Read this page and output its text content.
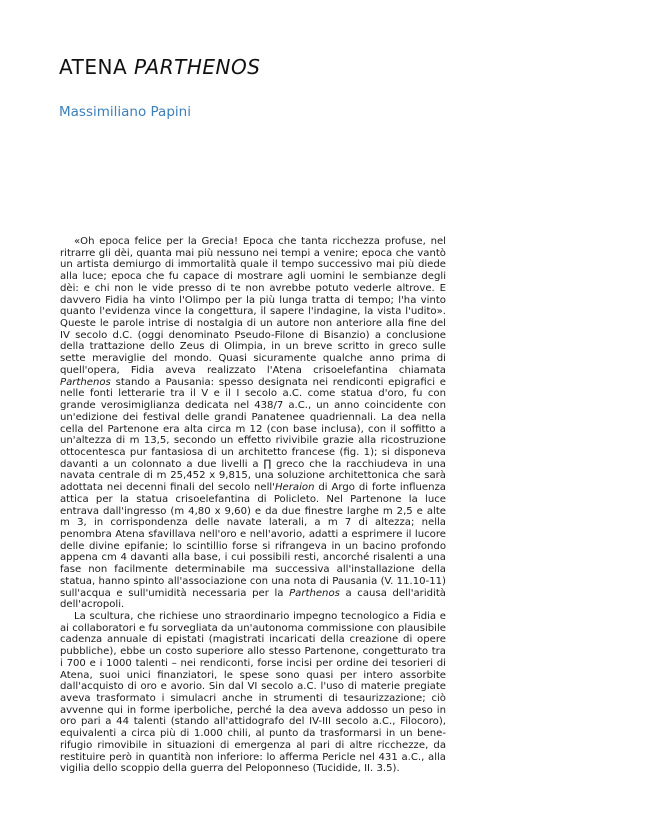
ATENA PARTHENOS
Massimiliano Papini

«Oh epoca felice per la Grecia! Epoca che tanta ricchezza profuse, nel ritrarre gli dèi, quanta mai più nessuno nei tempi a venire; epoca che vantò un artista demiurgo di immortalità quale il tempo successivo mai più diede alla luce; epoca che fu capace di mostrare agli uomini le sembianze degli dèi: e chi non le vide presso di te non avrebbe potuto vederle altrove. E davvero Fidia ha vinto l'Olimpo per la più lunga tratta di tempo; l'ha vinto quanto l'evidenza vince la congettura, il sapere l'indagine, la vista l'udito». Queste le parole intrise di nostalgia di un autore non anteriore alla fine del IV secolo d.C. (oggi denominato Pseudo-Filone di Bisanzio) a conclusione della trattazione dello Zeus di Olimpia, in un breve scritto in greco sulle sette meraviglie del mondo. Quasi sicuramente qualche anno prima di quell'opera, Fidia aveva realizzato l'Atena crisoelefantina chiamata Parthenos stando a Pausania: spesso designata nei rendiconti epigrafici e nelle fonti letterarie tra il V e il I secolo a.C. come statua d'oro, fu con grande verosimiglianza dedicata nel 438/7 a.C., un anno coincidente con un'edizione dei festival delle grandi Panatenee quadriennali. La dea nella cella del Partenone era alta circa m 12 (con base inclusa), con il soffitto a un'altezza di m 13,5, secondo un effetto rivivibile grazie alla ricostruzione ottocentesca pur fantasiosa di un architetto francese (fig. 1); si disponeva davanti a un colonnato a due livelli a ∏ greco che la racchiudeva in una navata centrale di m 25,452 x 9,815, una soluzione architettonica che sarà adottata nei decenni finali del secolo nell'Heraion di Argo di forte influenza attica per la statua crisoelefantina di Policleto. Nel Partenone la luce entrava dall'ingresso (m 4,80 x 9,60) e da due finestre larghe m 2,5 e alte m 3, in corrispondenza delle navate laterali, a m 7 di altezza; nella penombra Atena sfavillava nell'oro e nell'avorio, adatti a esprimere il lucore delle divine epifanie; lo scintillio forse si rifrangeva in un bacino profondo appena cm 4 davanti alla base, i cui possibili resti, ancorché risalenti a una fase non facilmente determinabile ma successiva all'installazione della statua, hanno spinto all'associazione con una nota di Pausania (V. 11.10-11) sull'acqua e sull'umidità necessaria per la Parthenos a causa dell'aridità dell'acropoli.

La scultura, che richiese uno straordinario impegno tecnologico a Fidia e ai collaboratori e fu sorvegliata da un'autonoma commissione con plausibile cadenza annuale di epistati (magistrati incaricati della creazione di opere pubbliche), ebbe un costo superiore allo stesso Partenone, congetturato tra i 700 e i 1000 talenti – nei rendiconti, forse incisi per ordine dei tesorieri di Atena, suoi unici finanziatori, le spese sono quasi per intero assorbite dall'acquisto di oro e avorio. Sin dal VI secolo a.C. l'uso di materie pregiate aveva trasformato i simulacri anche in strumenti di tesaurizzazione; ciò avvenne qui in forme iperboliche, perché la dea aveva addosso un peso in oro pari a 44 talenti (stando all'attidografo del IV-III secolo a.C., Filocoro), equivalenti a circa più di 1.000 chili, al punto da trasformarsi in un bene-rifugio rimovibile in situazioni di emergenza al pari di altre ricchezze, da restituire però in quantità non inferiore: lo afferma Pericle nel 431 a.C., alla vigilia dello scoppio della guerra del Peloponneso (Tucidide, II. 3.5).
